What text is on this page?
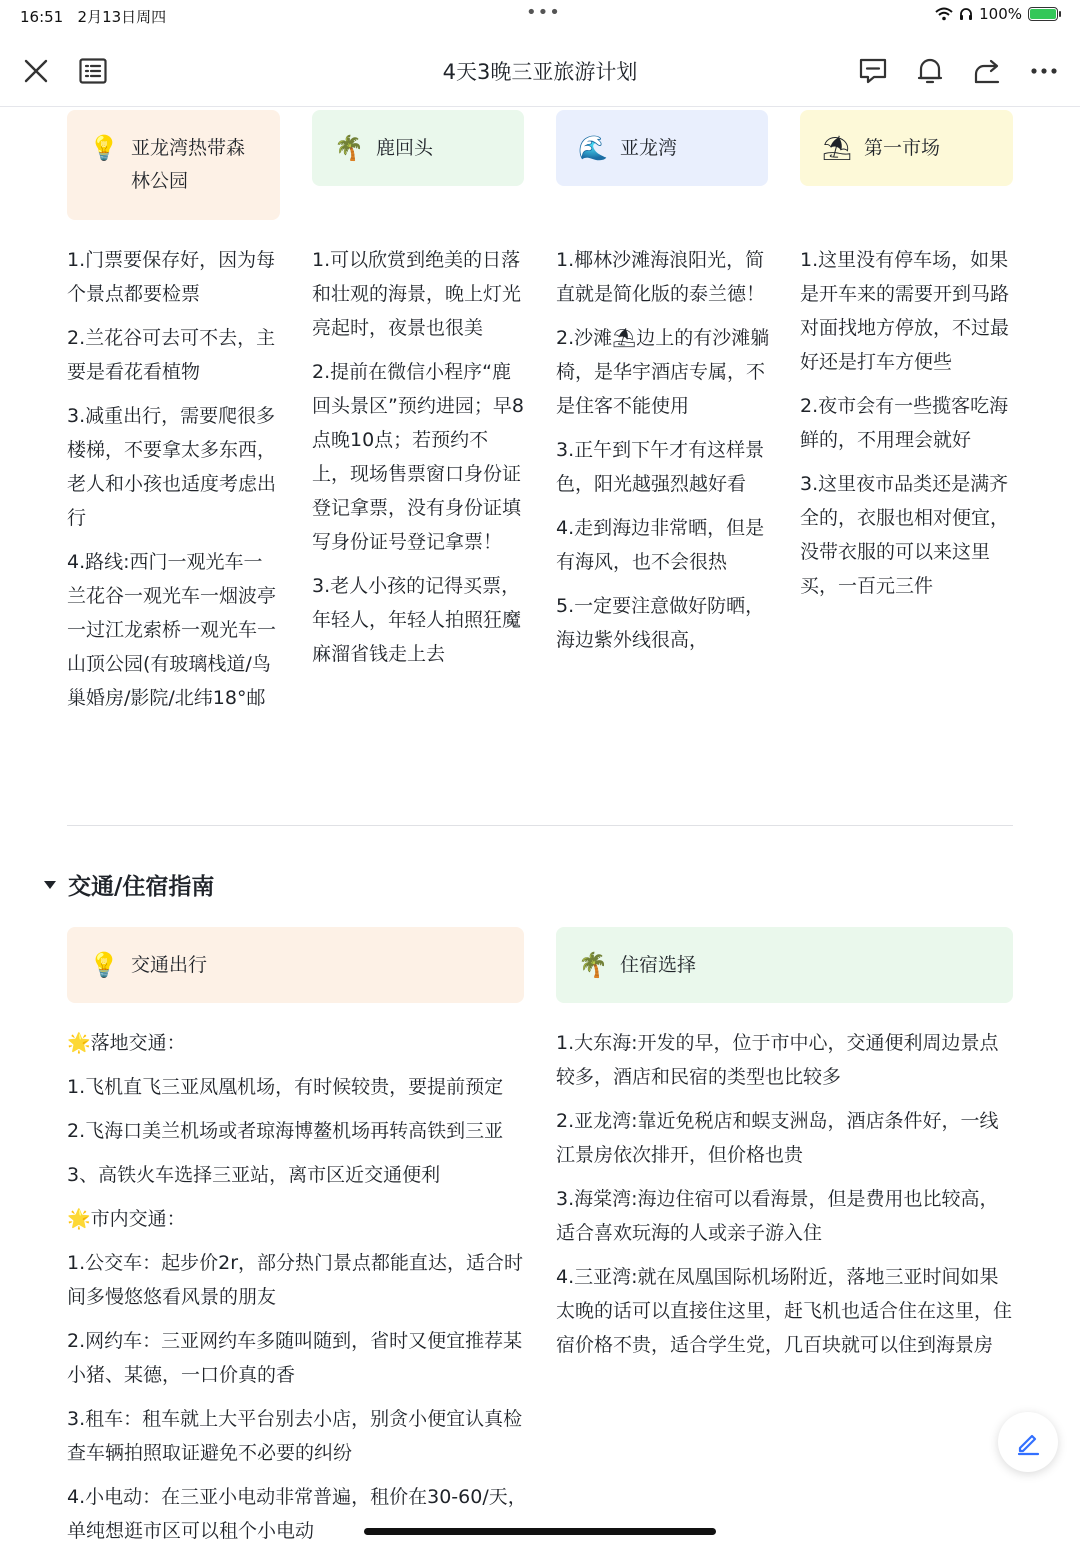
16:51 2月13日周四	•••	100%
4天3晚三亚旅游计划
💡 亚龙湾热带森林公园
🌴 鹿回头	🌊 亚龙湾	⛱ 第一市场

1.门票要保存好，因为每个景点都要检票

2.兰花谷可去可不去，主要是看花看植物

3.减重出行，需要爬很多楼梯，不要拿太多东西，老人和小孩也适度考虑出行

4.路线:西门一观光车一兰花谷一观光车一烟波亭一过江龙索桥一观光车一山顶公园(有玻璃栈道/鸟巢婚房/影院/北纬18°邮

1.可以欣赏到绝美的日落和壮观的海景，晚上灯光亮起时，夜景也很美

2.提前在微信小程序“鹿回头景区”预约进园；早8点晚10点；若预约不上，现场售票窗口身份证登记拿票，没有身份证填写身份证号登记拿票！

3.老人小孩的记得买票，年轻人，年轻人拍照狂魔麻溜省钱走上去

1.椰林沙滩海浪阳光，简直就是简化版的泰兰德！

2.沙滩⛱边上的有沙滩躺椅，是华宇酒店专属，不是住客不能使用

3.正午到下午才有这样景色，阳光越强烈越好看

4.走到海边非常晒，但是有海风，也不会很热

5.一定要注意做好防晒，海边紫外线很高，

1.这里没有停车场，如果是开车来的需要开到马路对面找地方停放，不过最好还是打车方便些

2.夜市会有一些揽客吃海鲜的，不用理会就好

3.这里夜市品类还是满齐全的，衣服也相对便宜，没带衣服的可以来这里买，一百元三件

交通/住宿指南
💡 交通出行	🌴 住宿选择

🌟落地交通：

1.飞机直飞三亚凤凰机场，有时候较贵，要提前预定

2.飞海口美兰机场或者琼海博鳌机场再转高铁到三亚

3、高铁火车选择三亚站，离市区近交通便利

🌟市内交通：

1.公交车：起步价2r，部分热门景点都能直达，适合时间多慢悠悠看风景的朋友

2.网约车：三亚网约车多随叫随到，省时又便宜推荐某小猪、某德，一口价真的香

3.租车：租车就上大平台别去小店，别贪小便宜认真检查车辆拍照取证避免不必要的纠纷

4.小电动：在三亚小电动非常普遍，租价在30-60/天，单纯想逛市区可以租个小电动

1.大东海:开发的早，位于市中心，交通便利周边景点较多，酒店和民宿的类型也比较多

2.亚龙湾:靠近免税店和蜈支洲岛，酒店条件好，一线江景房依次排开，但价格也贵

3.海棠湾:海边住宿可以看海景，但是费用也比较高，适合喜欢玩海的人或亲子游入住

4.三亚湾:就在凤凰国际机场附近，落地三亚时间如果太晚的话可以直接住这里，赶飞机也适合住在这里，住宿价格不贵，适合学生党，几百块就可以住到海景房
